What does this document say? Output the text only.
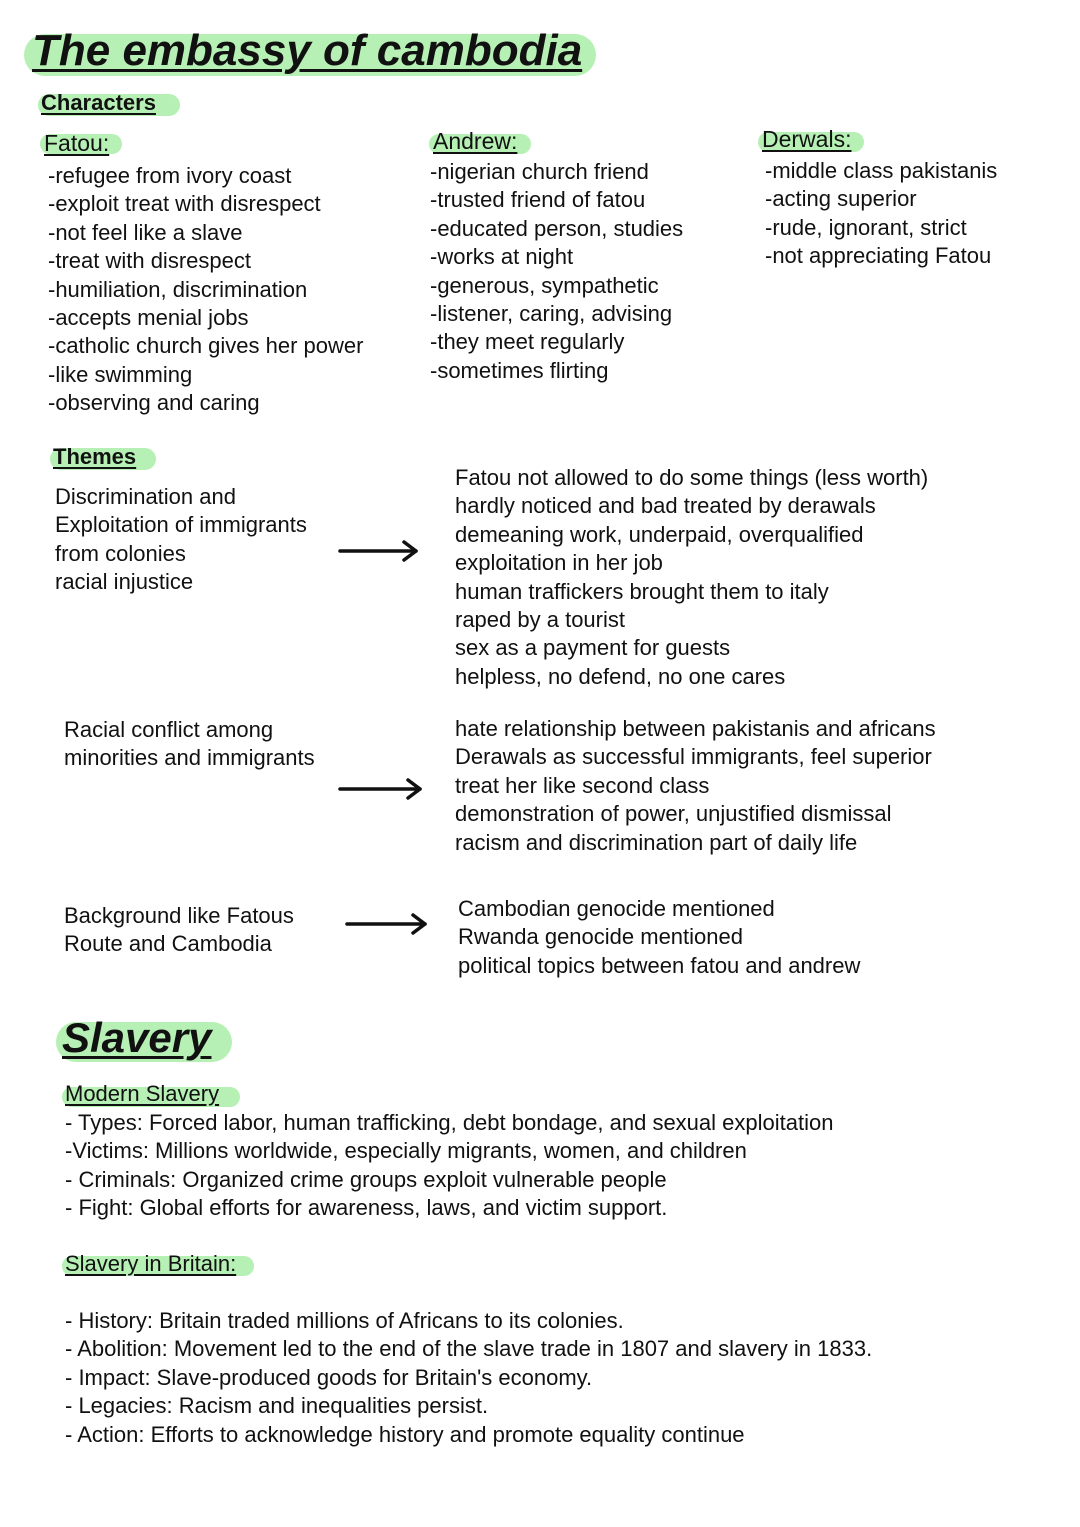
The embassy of cambodia
Characters
Fatou:
-refugee from ivory coast
-exploit treat with disrespect
-not feel like a slave
-treat with disrespect
-humiliation, discrimination
-accepts menial jobs
-catholic church gives her power
-like swimming
-observing and caring
Andrew:
-nigerian church friend
-trusted friend of fatou
-educated person, studies
-works at night
-generous, sympathetic
-listener, caring, advising
-they meet regularly
-sometimes flirting
Derwals:
-middle class pakistanis
-acting superior
-rude, ignorant, strict
-not appreciating Fatou
Themes
Discrimination and
Exploitation of immigrants
from colonies
racial injustice
Fatou not allowed to do some things (less worth)
hardly noticed and bad treated by derawals
demeaning work, underpaid, overqualified
exploitation in her job
human traffickers brought them to italy
raped by a tourist
sex as a payment for guests
helpless, no defend, no one cares
Racial conflict among
minorities and immigrants
hate relationship between pakistanis and africans
Derawals as successful immigrants, feel superior
treat her like second class
demonstration of power, unjustified dismissal
racism and discrimination part of daily life
Background like Fatous
Route and Cambodia
Cambodian genocide mentioned
Rwanda genocide mentioned
political topics between fatou and andrew
Slavery
Modern Slavery
- Types: Forced labor, human trafficking, debt bondage, and sexual exploitation
-Victims: Millions worldwide, especially migrants, women, and children
- Criminals: Organized crime groups exploit vulnerable people
- Fight: Global efforts for awareness, laws, and victim support.
Slavery in Britain:
- History: Britain traded millions of Africans to its colonies.
- Abolition: Movement led to the end of the slave trade in 1807 and slavery in 1833.
- Impact: Slave-produced goods for Britain's economy.
- Legacies: Racism and inequalities persist.
- Action: Efforts to acknowledge history and promote equality continue
